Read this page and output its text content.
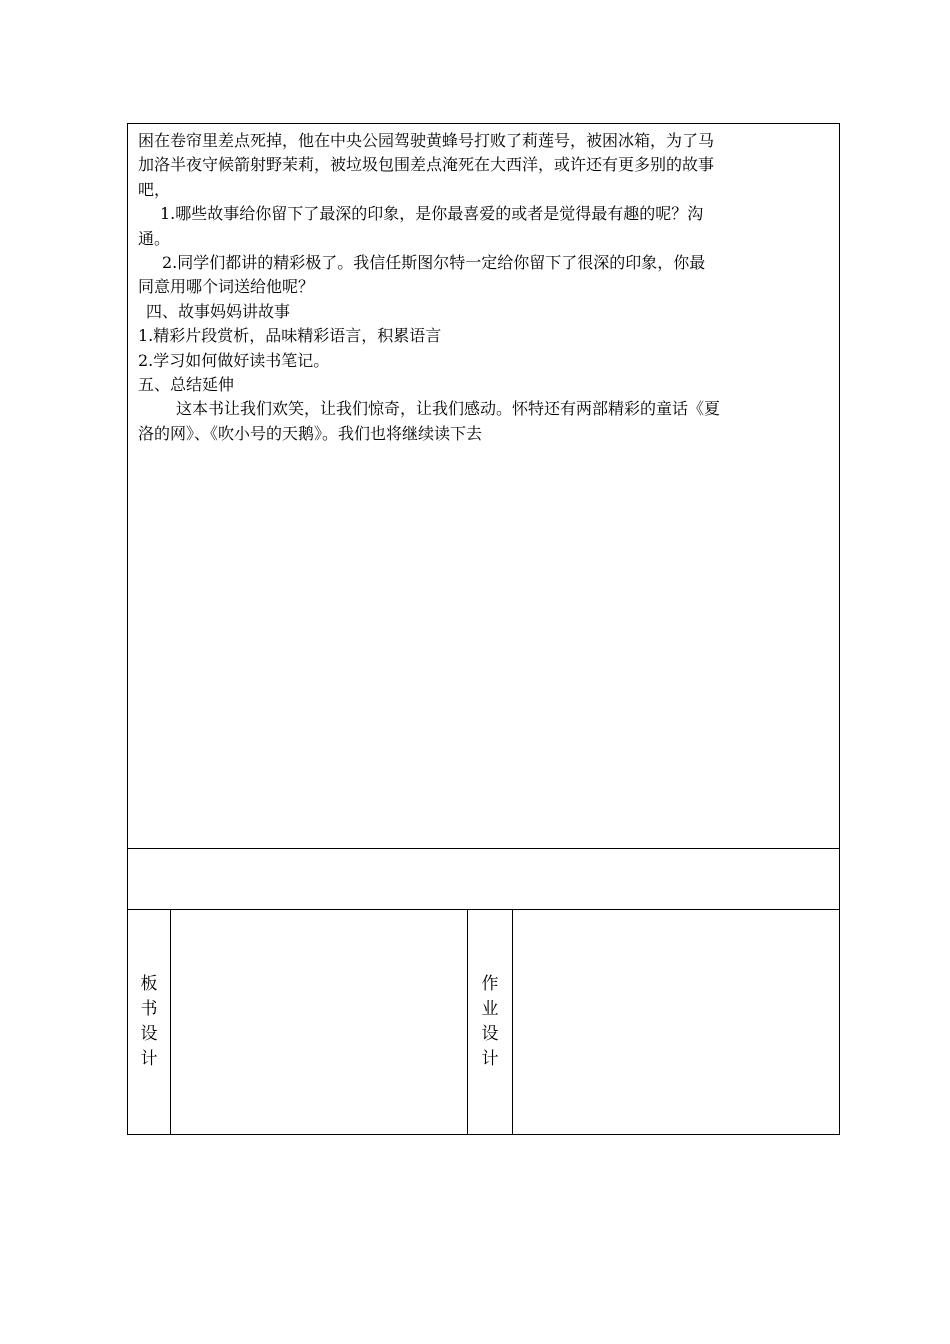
困在卷帘里差点死掉，他在中央公园驾驶黄蜂号打败了莉莲号，被困冰箱，为了马

加洛半夜守候箭射野茉莉，被垃圾包围差点淹死在大西洋，或许还有更多别的故事

吧，

1.哪些故事给你留下了最深的印象，是你最喜爱的或者是觉得最有趣的呢？沟

通。

2.同学们都讲的精彩极了。我信任斯图尔特一定给你留下了很深的印象，你最

同意用哪个词送给他呢？

四、故事妈妈讲故事

1.精彩片段赏析，品味精彩语言，积累语言

2.学习如何做好读书笔记。

五、总结延伸

这本书让我们欢笑，让我们惊奇，让我们感动。怀特还有两部精彩的童话《夏

洛的网》、《吹小号的天鹅》。我们也将继续读下去

板书设计
作业设计
